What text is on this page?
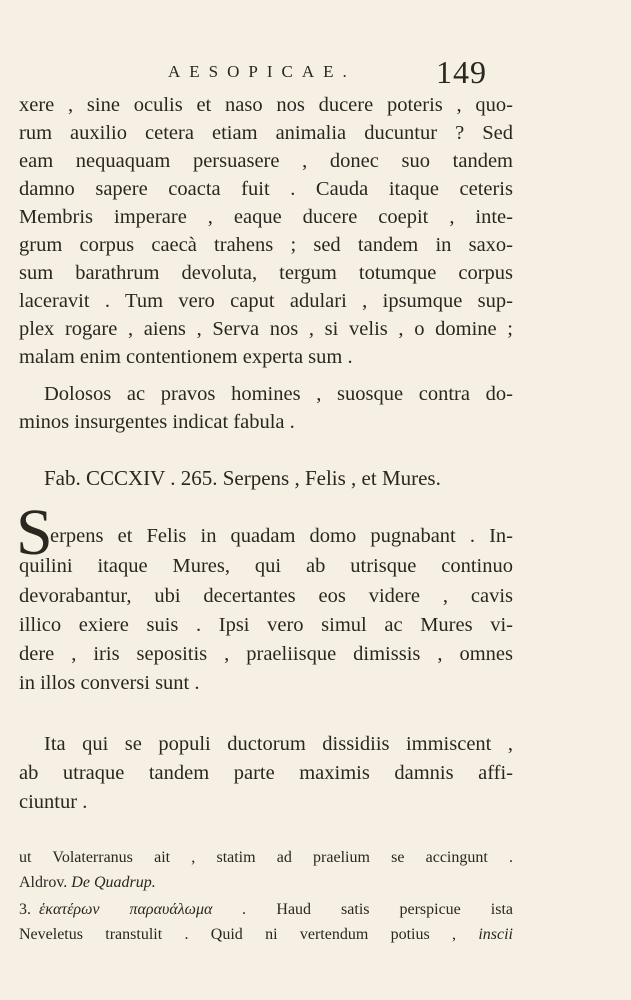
AESOPICAE.	149
xere , sine oculis et naso nos ducere poteris , quo-
rum auxilio cetera etiam animalia ducuntur ? Sed
eam nequaquam persuasere , donec suo tandem
damno sapere coacta fuit . Cauda itaque ceteris
Membris imperare , eaque ducere coepit , inte-
grum corpus caecà trahens ; sed tandem in saxo-
sum barathrum devoluta, tergum totumque corpus
laceravit . Tum vero caput adulari , ipsumque sup-
plex rogare , aiens , Serva nos , si velis , o domine ;
malam enim contentionem experta sum .
Dolosos ac pravos homines , suosque contra do-
minos insurgentes indicat fabula .
Fab. CCCXIV . 265. Serpens , Felis , et Mures.
S
erpens et Felis in quadam domo pugnabant . In-
quilini itaque Mures, qui ab utrisque continuo
devorabantur, ubi decertantes eos videre , cavis
illico exiere suis . Ipsi vero simul ac Mures vi-
dere , iris sepositis , praeliisque dimissis , omnes
in illos conversi sunt .
Ita qui se populi ductorum dissidiis immiscent ,
ab utraque tandem parte maximis damnis affi-
ciuntur .
ut Volaterranus ait , statim ad praelium se accingunt .
Aldrov. De Quadrup.
3. ἑκατέρων παραυάλωμα . Haud satis perspicue ista
Neveletus transtulit . Quid ni vertendum potius , inscii
